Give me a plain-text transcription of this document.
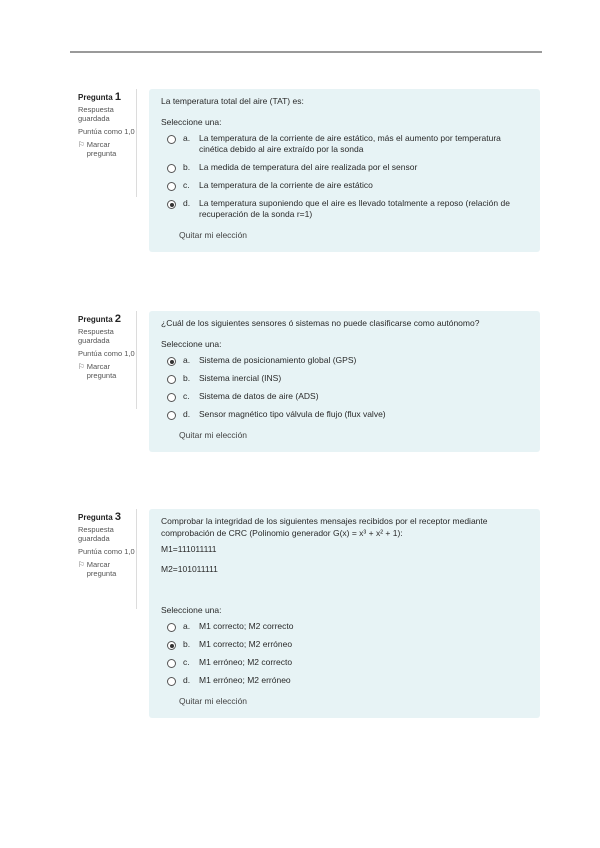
Pregunta 1
Respuesta guardada
Puntúa como 1,0
⚐ Marcar pregunta
La temperatura total del aire (TAT) es:
Seleccione una:
a.	La temperatura de la corriente de aire estático, más el aumento por temperatura cinética debido al aire extraído por la sonda
b.	La medida de temperatura del aire realizada por el sensor
c.	La temperatura de la corriente de aire estático
d.	La temperatura suponiendo que el aire es llevado totalmente a reposo (relación de recuperación de la sonda r=1)
Quitar mi elección
Pregunta 2
Respuesta guardada
Puntúa como 1,0
⚐ Marcar pregunta
¿Cuál de los siguientes sensores ó sistemas no puede clasificarse como autónomo?
Seleccione una:
a.	Sistema de posicionamiento global (GPS)
b.	Sistema inercial (INS)
c.	Sistema de datos de aire (ADS)
d.	Sensor magnético tipo válvula de flujo (flux valve)
Quitar mi elección
Pregunta 3
Respuesta guardada
Puntúa como 1,0
⚐ Marcar pregunta
Comprobar la integridad de los siguientes mensajes recibidos por el receptor mediante comprobación de CRC (Polinomio generador G(x) = x³ + x² + 1):
M1=111011111
M2=101011111
Seleccione una:
a.	M1 correcto; M2 correcto
b.	M1 correcto; M2 erróneo
c.	M1 erróneo; M2 correcto
d.	M1 erróneo; M2 erróneo
Quitar mi elección
